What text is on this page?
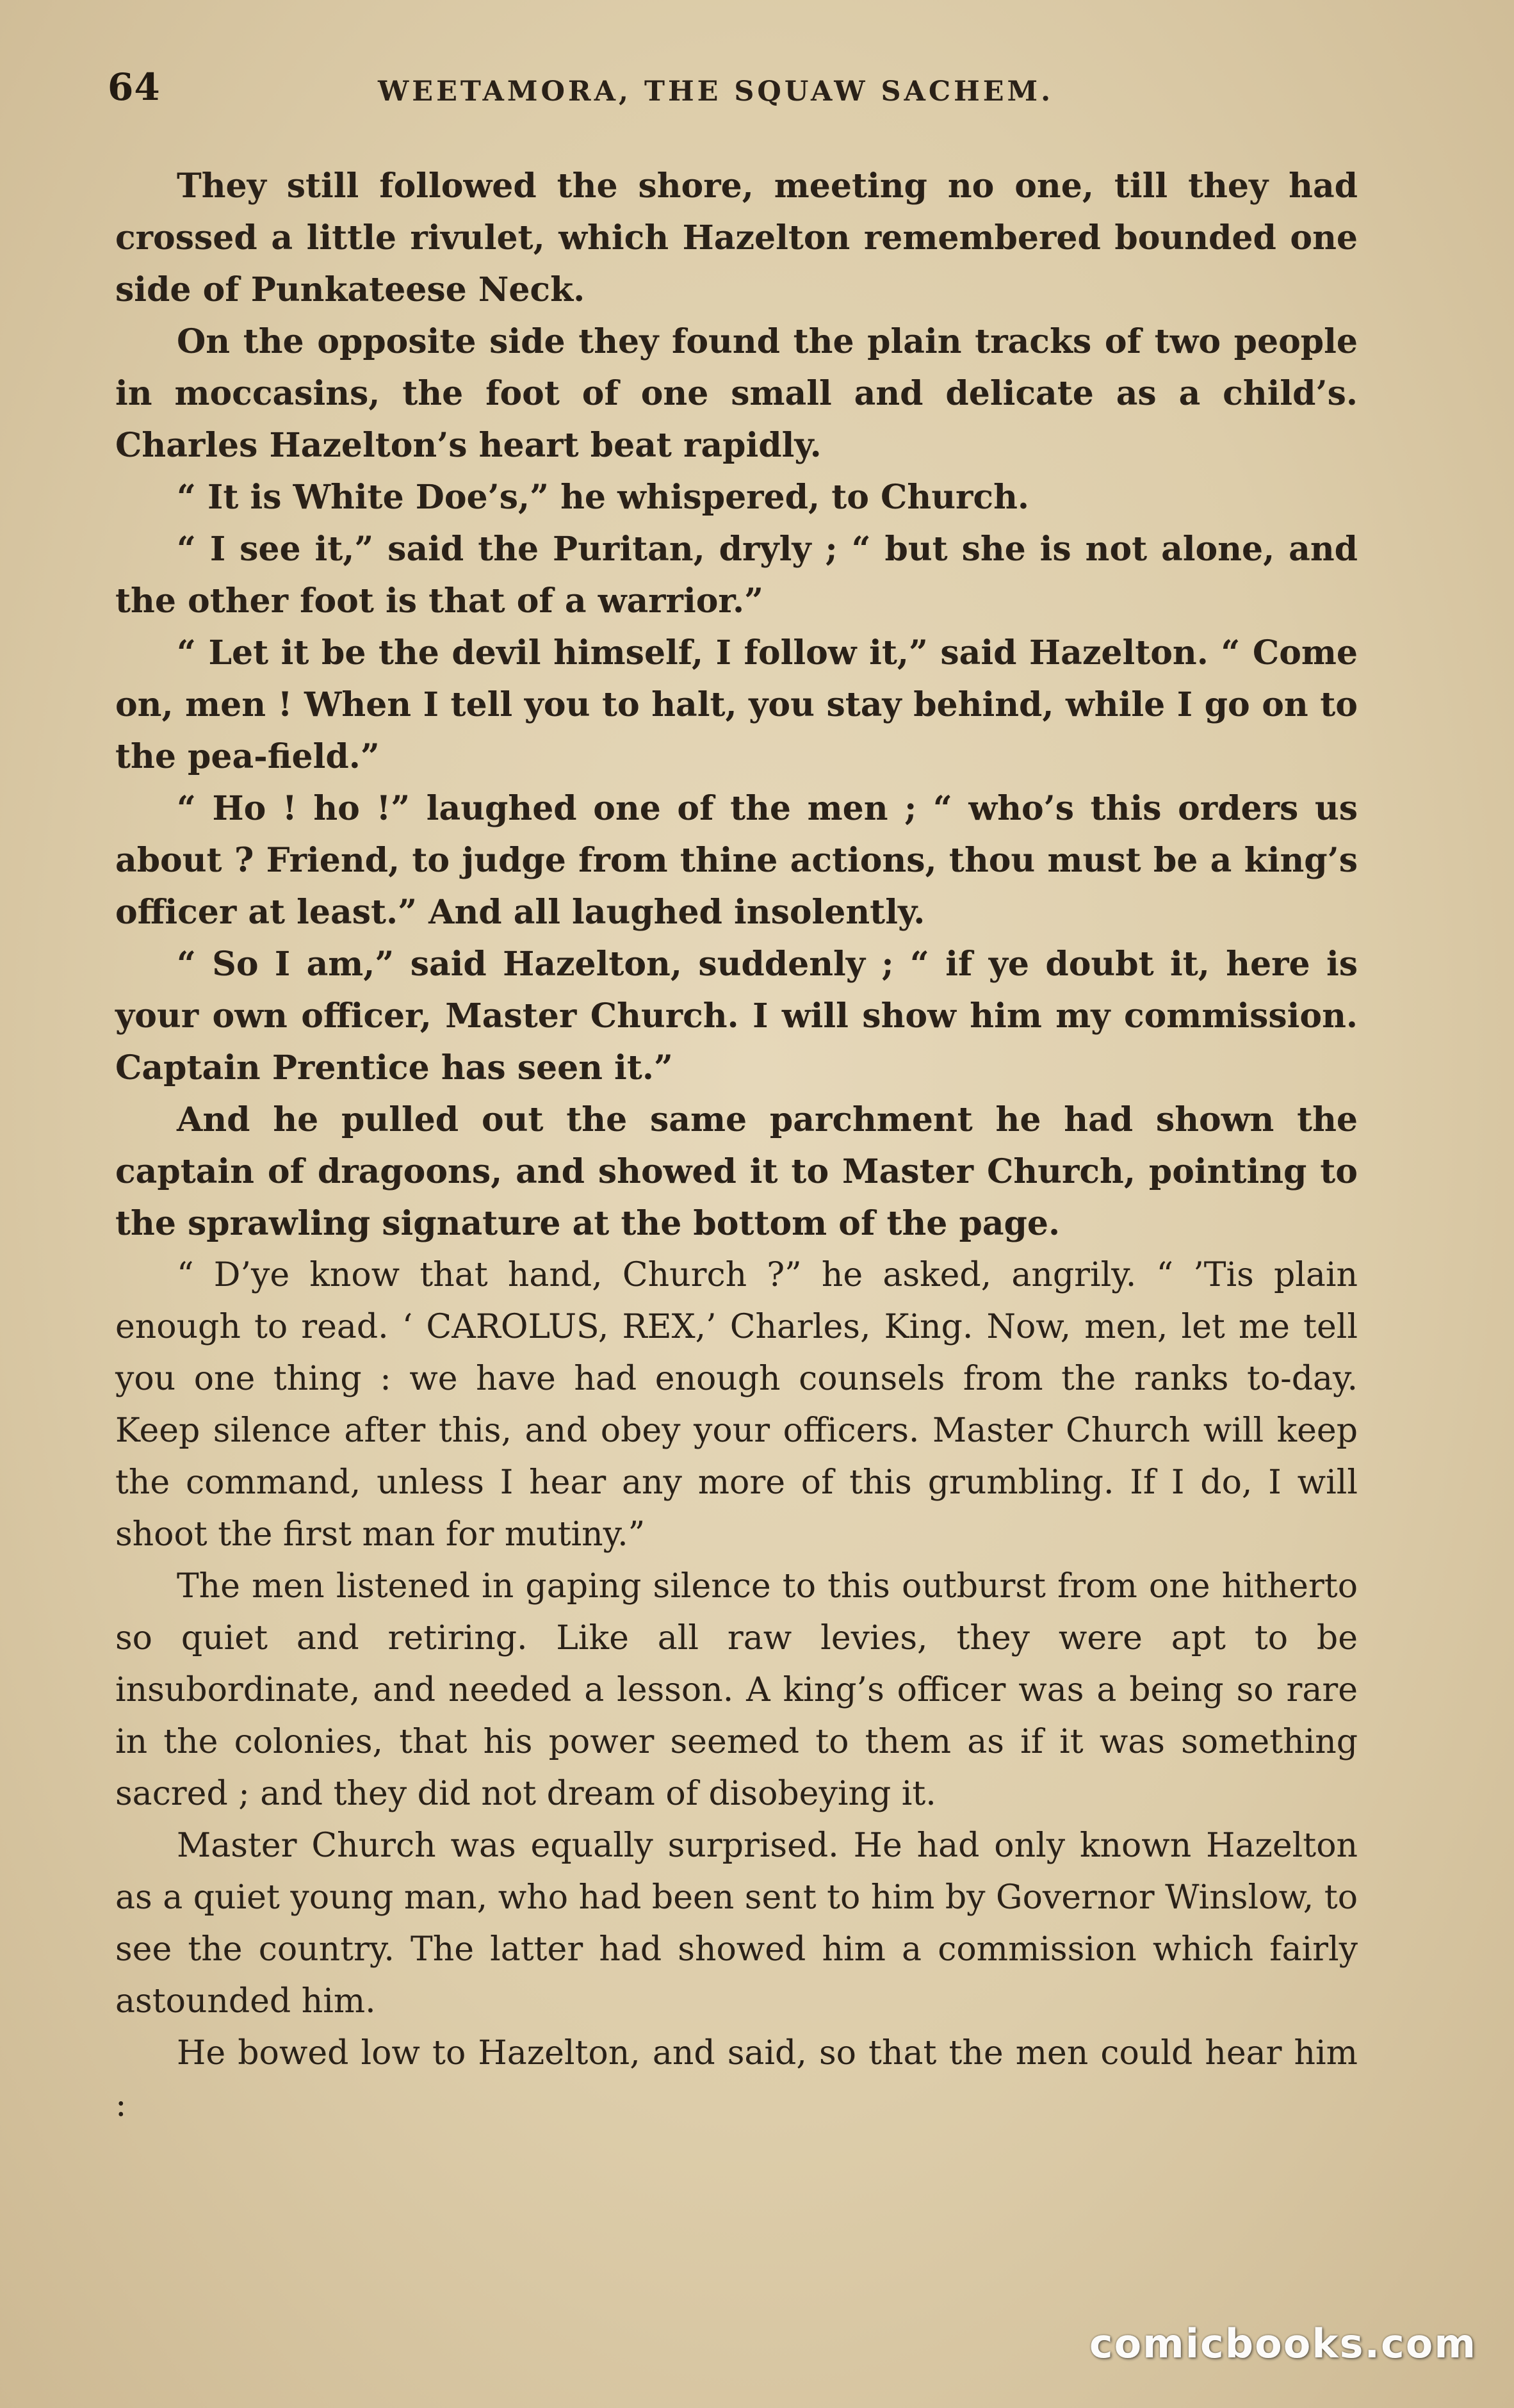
64	WEETAMORA, THE SQUAW SACHEM.

They still followed the shore, meeting no one, till they had crossed a little rivulet, which Hazelton remembered bounded one side of Punkateese Neck.

On the opposite side they found the plain tracks of two people in moccasins, the foot of one small and delicate as a child’s. Charles Hazelton’s heart beat rapidly.

“ It is White Doe’s,” he whispered, to Church.

“ I see it,” said the Puritan, dryly ; “ but she is not alone, and the other foot is that of a warrior.”

“ Let it be the devil himself, I follow it,” said Hazelton. “ Come on, men ! When I tell you to halt, you stay behind, while I go on to the pea-field.”

“ Ho ! ho !” laughed one of the men ; “ who’s this orders us about ? Friend, to judge from thine actions, thou must be a king’s officer at least.” And all laughed insolently.

“ So I am,” said Hazelton, suddenly ; “ if ye doubt it, here is your own officer, Master Church. I will show him my commission. Captain Prentice has seen it.”

And he pulled out the same parchment he had shown the captain of dragoons, and showed it to Master Church, pointing to the sprawling signature at the bottom of the page.

“ D’ye know that hand, Church ?” he asked, angrily. “ ’Tis plain enough to read. ‘ CAROLUS, REX,’ Charles, King. Now, men, let me tell you one thing : we have had enough counsels from the ranks to-day. Keep silence after this, and obey your officers. Master Church will keep the command, unless I hear any more of this grumbling. If I do, I will shoot the first man for mutiny.”

The men listened in gaping silence to this outburst from one hitherto so quiet and retiring. Like all raw levies, they were apt to be insubordinate, and needed a lesson. A king’s officer was a being so rare in the colonies, that his power seemed to them as if it was something sacred ; and they did not dream of disobeying it.

Master Church was equally surprised. He had only known Hazelton as a quiet young man, who had been sent to him by Governor Winslow, to see the country. The latter had showed him a commission which fairly astounded him.

He bowed low to Hazelton, and said, so that the men could hear him :

comicbooks.com
